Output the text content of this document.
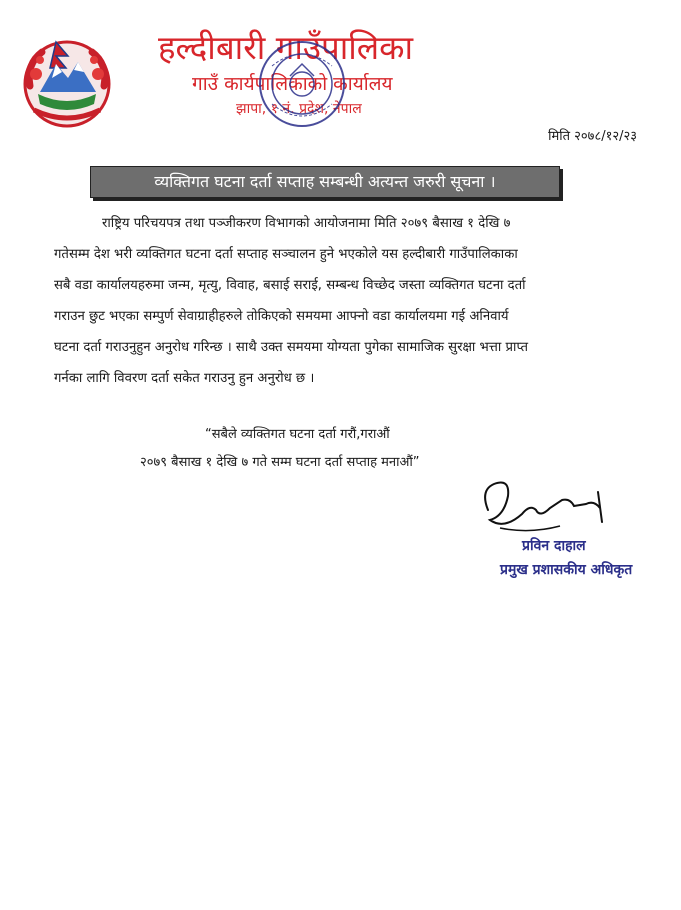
हल्दीबारी गाउँपालिका
गाउँ कार्यपालिकाको कार्यालय
झापा, १ नं. प्रदेश, नेपाल
मिति २०७८/१२/२३
व्यक्तिगत घटना दर्ता सप्ताह सम्बन्धी अत्यन्त जरुरी सूचना ।
राष्ट्रिय परिचयपत्र तथा पञ्जीकरण विभागको आयोजनामा मिति २०७९ बैसाख १ देखि ७
गतेसम्म देश भरी व्यक्तिगत घटना दर्ता सप्ताह सञ्चालन हुने भएकोले यस हल्दीबारी गाउँपालिकाका
सबै वडा कार्यालयहरुमा जन्म, मृत्यु, विवाह, बसाई सराई, सम्बन्ध विच्छेद जस्ता व्यक्तिगत घटना दर्ता
गराउन छुट भएका सम्पुर्ण सेवाग्राहीहरुले तोकिएको समयमा आफ्नो वडा कार्यालयमा गई अनिवार्य
घटना दर्ता गराउनुहुन अनुरोध गरिन्छ । साथै उक्त समयमा योग्यता पुगेका सामाजिक सुरक्षा भत्ता प्राप्त
गर्नका लागि विवरण दर्ता सकेत गराउनु हुन अनुरोध छ ।
“सबैले व्यक्तिगत घटना दर्ता गरौं,गराऔं
२०७९ बैसाख १ देखि ७ गते सम्म घटना दर्ता सप्ताह मनाऔं”
प्रविन दाहाल
प्रमुख प्रशासकीय अधिकृत
